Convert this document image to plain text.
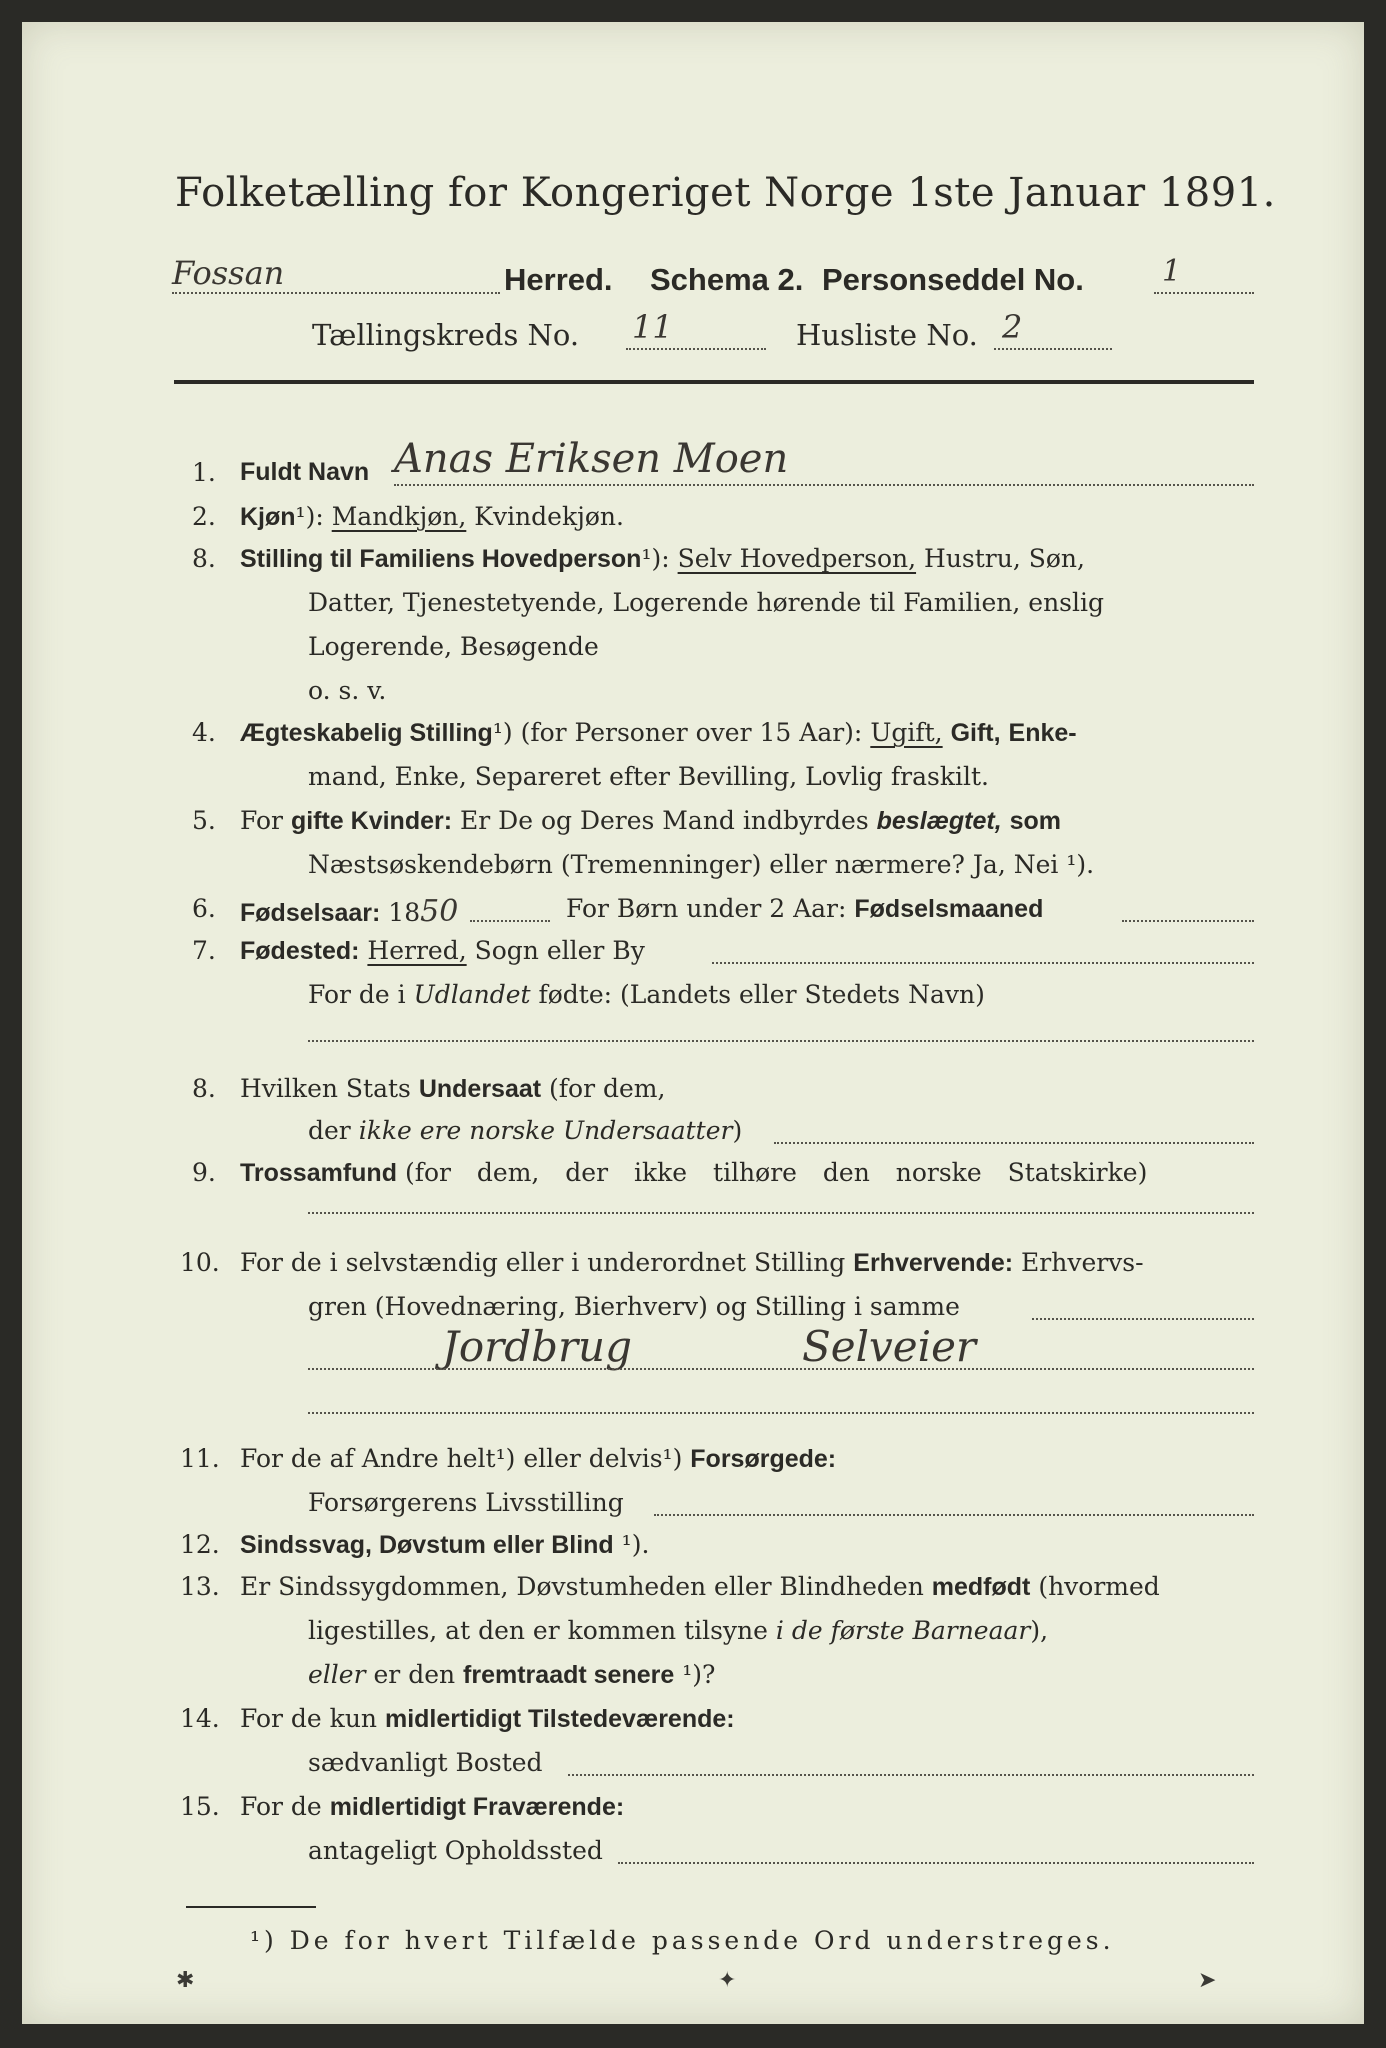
Folketælling for Kongeriget Norge 1ste Januar 1891.
Fossan	Herred. Schema 2. Personseddel No.	1
Tællingskreds No. 11	Husliste No. 2
1. Fuldt Navn Anas Eriksen Moen
2. Kjøn¹): Mandkjøn, Kvindekjøn.
8. Stilling til Familiens Hovedperson¹): Selv Hovedperson, Hustru, Søn,
Datter, Tjenestetyende, Logerende hørende til Familien, enslig
Logerende, Besøgende
o. s. v.
4. Ægteskabelig Stilling¹) (for Personer over 15 Aar): Ugift, Gift, Enke-
mand, Enke, Separeret efter Bevilling, Lovlig fraskilt.
5. For gifte Kvinder: Er De og Deres Mand indbyrdes beslægtet, som
Næstsøskendebørn (Tremenninger) eller nærmere? Ja, Nei ¹).
6. Fødselsaar: 1850	For Børn under 2 Aar: Fødselsmaaned
7. Fødested: Herred, Sogn eller By
For de i Udlandet fødte: (Landets eller Stedets Navn)
8. Hvilken Stats Undersaat (for dem,
der ikke ere norske Undersaatter)
9. Trossamfund (for dem, der ikke tilhøre den norske Statskirke)
10. For de i selvstændig eller i underordnet Stilling Erhvervende: Erhvervs-
gren (Hovednæring, Bierhverv) og Stilling i samme
Jordbrug	Selveier
11. For de af Andre helt¹) eller delvis¹) Forsørgede:
Forsørgerens Livsstilling
12. Sindssvag, Døvstum eller Blind ¹).
13. Er Sindssygdommen, Døvstumheden eller Blindheden medfødt (hvormed
ligestilles, at den er kommen tilsyne i de første Barneaar),
eller er den fremtraadt senere ¹)?
14. For de kun midlertidigt Tilstedeværende:
sædvanligt Bosted
15. For de midlertidigt Fraværende:
antageligt Opholdssted
¹) De for hvert Tilfælde passende Ord understreges.
✱	✦	➤
